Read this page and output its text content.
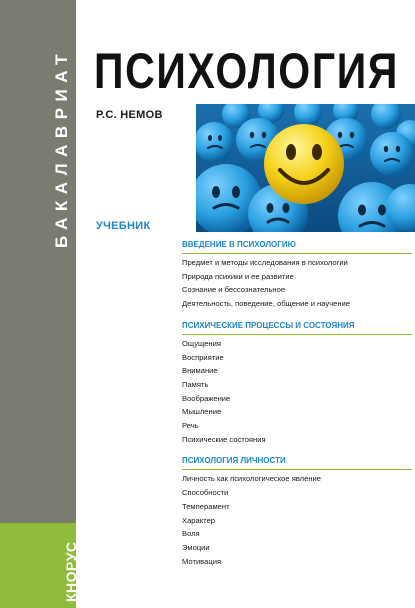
БАКАЛАВРИАТ
КНОРУС
ПСИХОЛОГИЯ
Р.С. НЕМОВ
УЧЕБНИК
ВВЕДЕНИЕ В ПСИХОЛОГИЮ
Предмет и методы исследования в психологии
Природа психики и ее развитие
Сознание и бессознательное
Деятельность, поведение, общение и научение
ПСИХИЧЕСКИЕ ПРОЦЕССЫ И СОСТОЯНИЯ
Ощущения
Восприятие
Внимание
Память
Воображение
Мышление
Речь
Психические состояния
ПСИХОЛОГИЯ ЛИЧНОСТИ
Личность как психологическое явление
Способности
Темперамент
Характер
Воля
Эмоции
Мотивация
